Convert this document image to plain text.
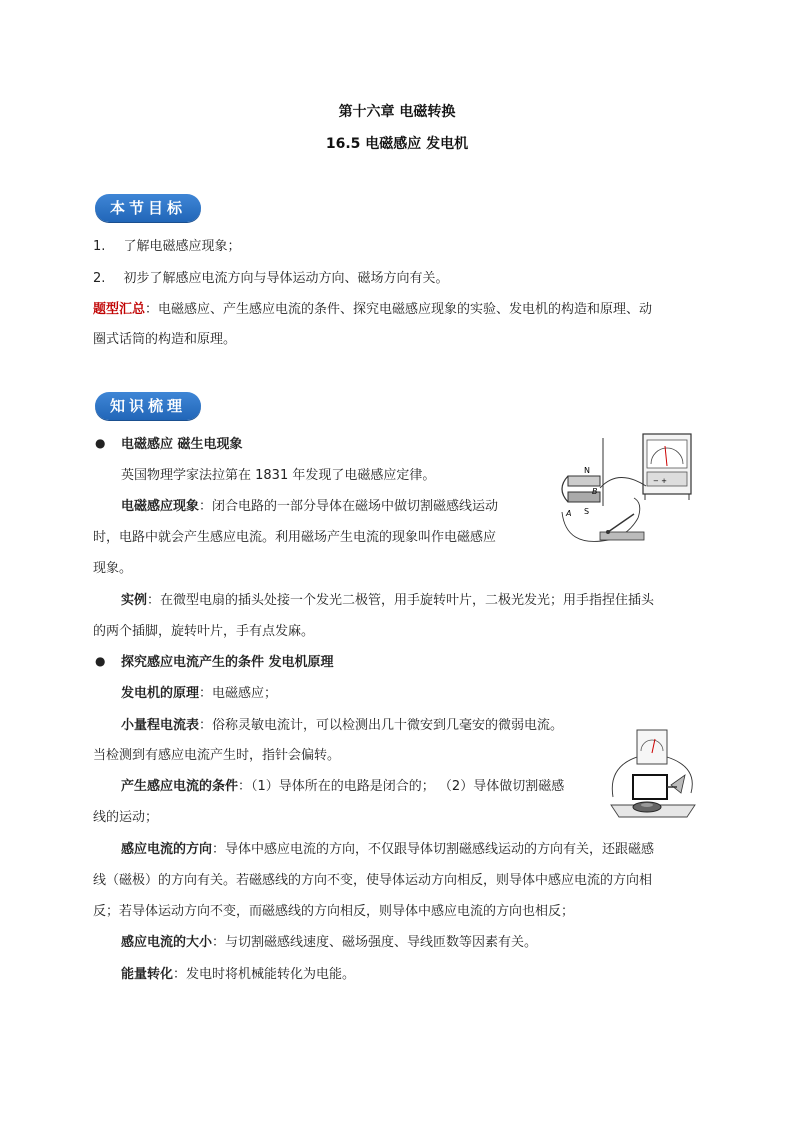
第十六章 电磁转换
16.5 电磁感应 发电机
本节目标
1. 了解电磁感应现象；
2. 初步了解感应电流方向与导体运动方向、磁场方向有关。
题型汇总：电磁感应、产生感应电流的条件、探究电磁感应现象的实验、发电机的构造和原理、动
圈式话筒的构造和原理。
知识梳理
● 电磁感应 磁生电现象
英国物理学家法拉第在 1831 年发现了电磁感应定律。
电磁感应现象：闭合电路的一部分导体在磁场中做切割磁感线运动
时，电路中就会产生感应电流。利用磁场产生电流的现象叫作电磁感应
现象。
实例：在微型电扇的插头处接一个发光二极管，用手旋转叶片，二极光发光；用手指捏住插头
的两个插脚，旋转叶片，手有点发麻。
● 探究感应电流产生的条件 发电机原理
发电机的原理：电磁感应；
小量程电流表：俗称灵敏电流计，可以检测出几十微安到几毫安的微弱电流。
当检测到有感应电流产生时，指针会偏转。
产生感应电流的条件：（1）导体所在的电路是闭合的； （2）导体做切割磁感
线的运动；
感应电流的方向：导体中感应电流的方向，不仅跟导体切割磁感线运动的方向有关，还跟磁感
线（磁极）的方向有关。若磁感线的方向不变，使导体运动方向相反，则导体中感应电流的方向相
反；若导体运动方向不变，而磁感线的方向相反，则导体中感应电流的方向也相反；
感应电流的大小：与切割磁感线速度、磁场强度、导线匝数等因素有关。
能量转化：发电时将机械能转化为电能。
− +
N
S
A
B
